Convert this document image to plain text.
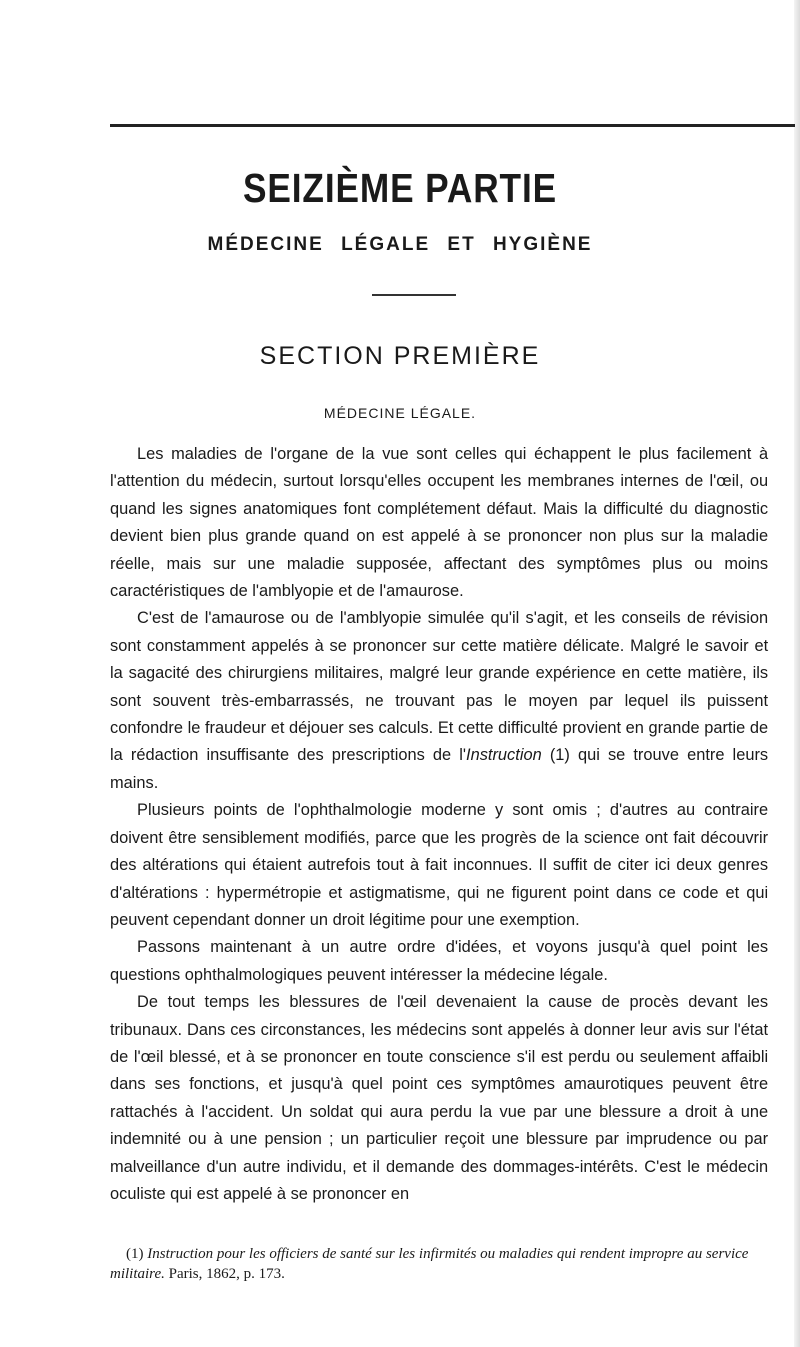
SEIZIÈME PARTIE
MÉDECINE LÉGALE ET HYGIÈNE
SECTION PREMIÈRE
MÉDECINE LÉGALE.

Les maladies de l'organe de la vue sont celles qui échappent le plus facilement à l'attention du médecin, surtout lorsqu'elles occupent les membranes internes de l'œil, ou quand les signes anatomiques font complétement défaut. Mais la difficulté du diagnostic devient bien plus grande quand on est appelé à se prononcer non plus sur la maladie réelle, mais sur une maladie supposée, affectant des symptômes plus ou moins caractéristiques de l'amblyopie et de l'amaurose.

C'est de l'amaurose ou de l'amblyopie simulée qu'il s'agit, et les conseils de révision sont constamment appelés à se prononcer sur cette matière délicate. Malgré le savoir et la sagacité des chirurgiens militaires, malgré leur grande expérience en cette matière, ils sont souvent très-embarrassés, ne trouvant pas le moyen par lequel ils puissent confondre le fraudeur et déjouer ses calculs. Et cette difficulté provient en grande partie de la rédaction insuffisante des prescriptions de l'Instruction (1) qui se trouve entre leurs mains.

Plusieurs points de l'ophthalmologie moderne y sont omis ; d'autres au contraire doivent être sensiblement modifiés, parce que les progrès de la science ont fait découvrir des altérations qui étaient autrefois tout à fait inconnues. Il suffit de citer ici deux genres d'altérations : hypermétropie et astigmatisme, qui ne figurent point dans ce code et qui peuvent cependant donner un droit légitime pour une exemption.

Passons maintenant à un autre ordre d'idées, et voyons jusqu'à quel point les questions ophthalmologiques peuvent intéresser la médecine légale.

De tout temps les blessures de l'œil devenaient la cause de procès devant les tribunaux. Dans ces circonstances, les médecins sont appelés à donner leur avis sur l'état de l'œil blessé, et à se prononcer en toute conscience s'il est perdu ou seulement affaibli dans ses fonctions, et jusqu'à quel point ces symptômes amaurotiques peuvent être rattachés à l'accident. Un soldat qui aura perdu la vue par une blessure a droit à une indemnité ou à une pension ; un particulier reçoit une blessure par imprudence ou par malveillance d'un autre individu, et il demande des dommages-intérêts. C'est le médecin oculiste qui est appelé à se prononcer en

(1) Instruction pour les officiers de santé sur les infirmités ou maladies qui rendent impropre au service militaire. Paris, 1862, p. 173.
